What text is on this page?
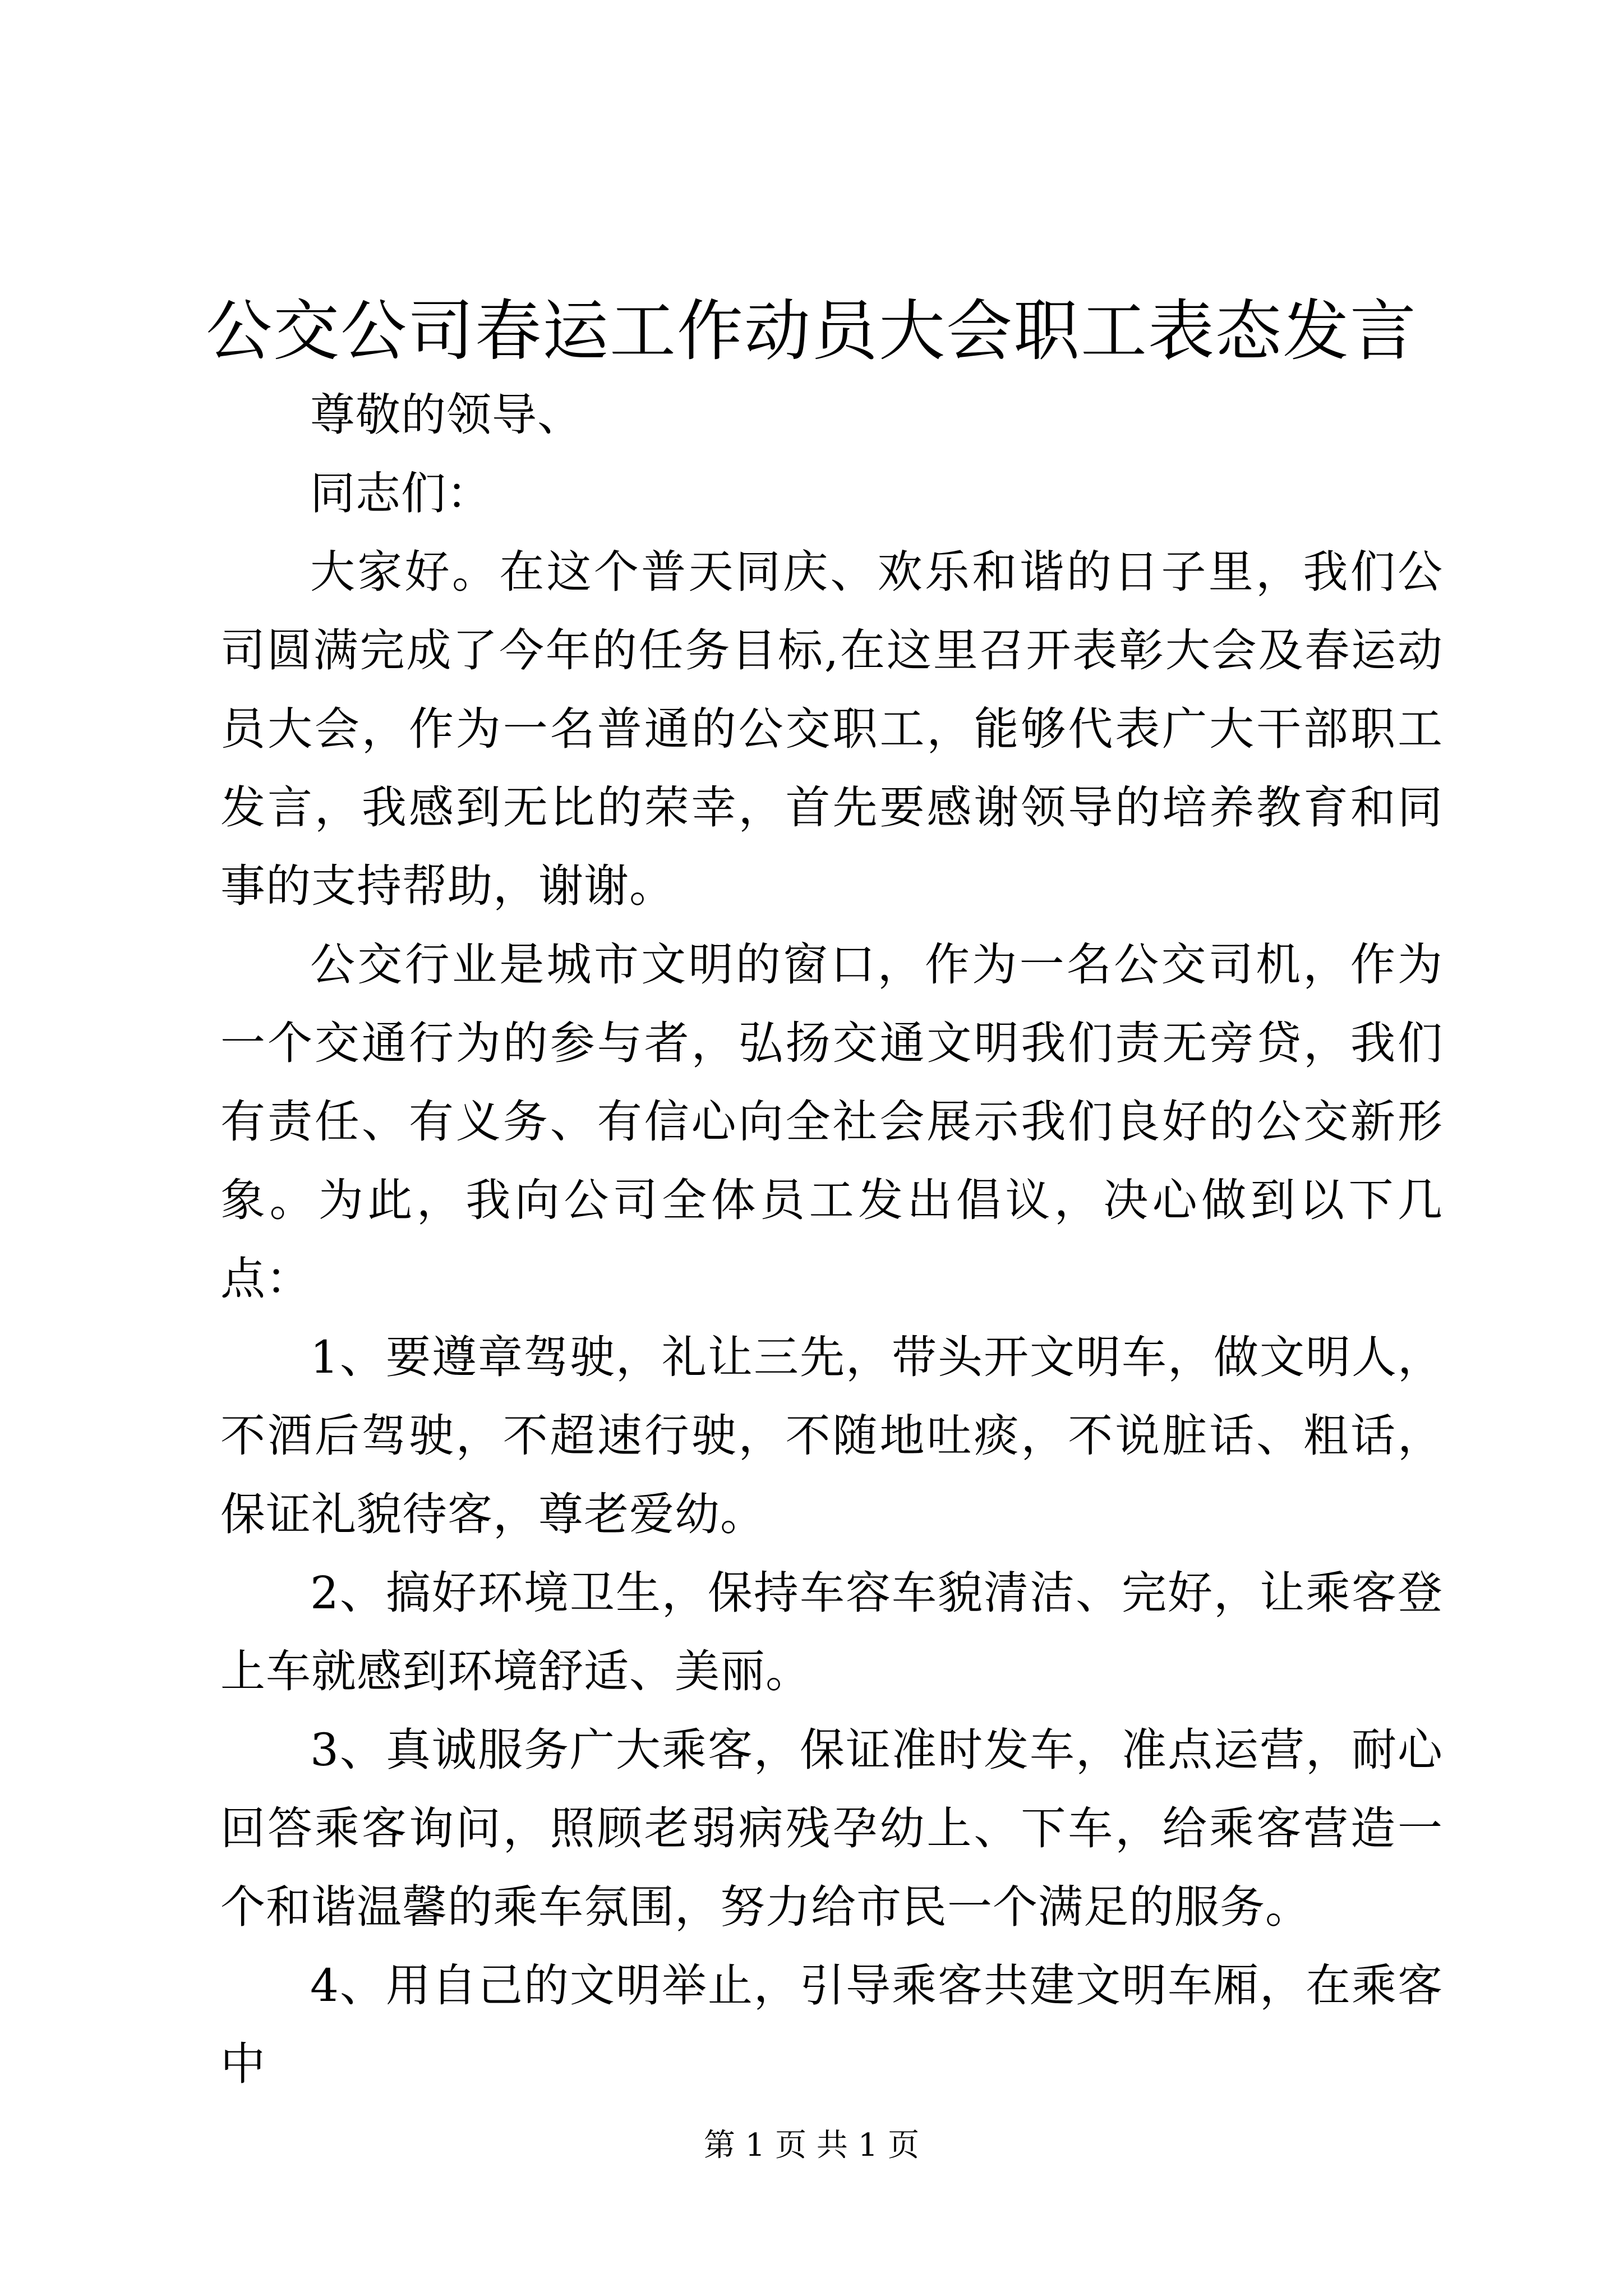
公交公司春运工作动员大会职工表态发言

尊敬的领导、

同志们：

大家好。在这个普天同庆、欢乐和谐的日子里，我们公司圆满完成了今年的任务目标,在这里召开表彰大会及春运动员大会，作为一名普通的公交职工，能够代表广大干部职工发言，我感到无比的荣幸，首先要感谢领导的培养教育和同事的支持帮助，谢谢。

公交行业是城市文明的窗口，作为一名公交司机，作为一个交通行为的参与者，弘扬交通文明我们责无旁贷，我们有责任、有义务、有信心向全社会展示我们良好的公交新形象。为此，我向公司全体员工发出倡议，决心做到以下几点：

1、要遵章驾驶，礼让三先，带头开文明车，做文明人，不酒后驾驶，不超速行驶，不随地吐痰，不说脏话、粗话，保证礼貌待客，尊老爱幼。

2、搞好环境卫生，保持车容车貌清洁、完好，让乘客登上车就感到环境舒适、美丽。

3、真诚服务广大乘客，保证准时发车，准点运营，耐心回答乘客询问，照顾老弱病残孕幼上、下车，给乘客营造一个和谐温馨的乘车氛围，努力给市民一个满足的服务。

4、用自己的文明举止，引导乘客共建文明车厢，在乘客中

第 1 页 共 1 页
